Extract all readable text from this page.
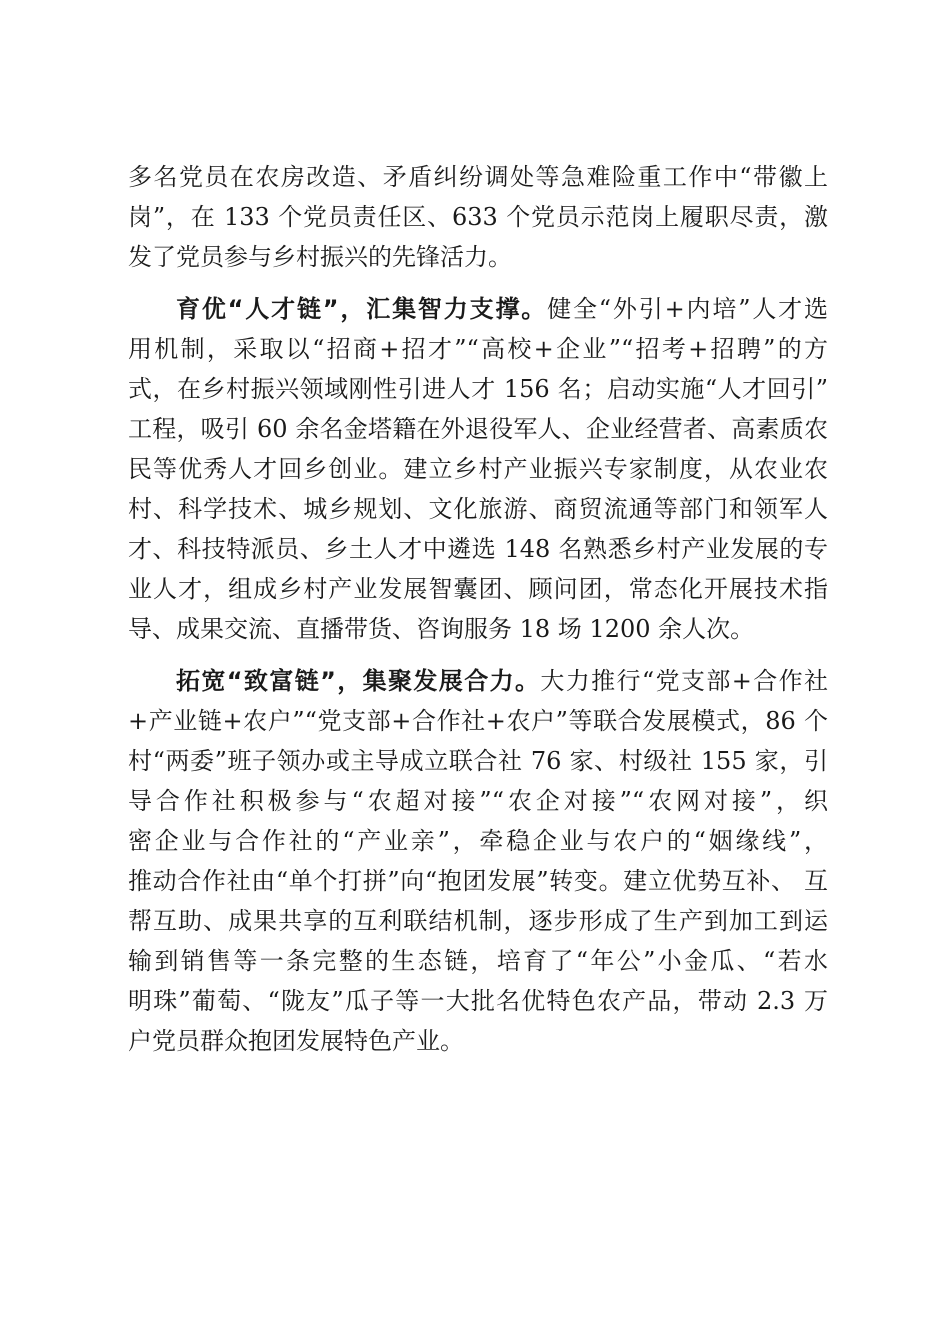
多名党员在农房改造、矛盾纠纷调处等急难险重工作中“带徽上
岗”，在 133 个党员责任区、633 个党员示范岗上履职尽责，激
发了党员参与乡村振兴的先锋活力。
育优“人才链”，汇集智力支撑。健全“外引+内培”人才选
用机制，采取以“招商+招才”“高校+企业”“招考+招聘”的方
式，在乡村振兴领域刚性引进人才 156 名；启动实施“人才回引”
工程，吸引 60 余名金塔籍在外退役军人、企业经营者、高素质农
民等优秀人才回乡创业。建立乡村产业振兴专家制度，从农业农
村、科学技术、城乡规划、文化旅游、商贸流通等部门和领军人
才、科技特派员、乡土人才中遴选 148 名熟悉乡村产业发展的专
业人才，组成乡村产业发展智囊团、顾问团，常态化开展技术指
导、成果交流、直播带货、咨询服务 18 场 1200 余人次。
拓宽“致富链”，集聚发展合力。大力推行“党支部+合作社
+产业链+农户”“党支部+合作社+农户”等联合发展模式，86 个
村“两委”班子领办或主导成立联合社 76 家、村级社 155 家，引
导合作社积极参与“农超对接”“农企对接”“农网对接”，织
密企业与合作社的“产业亲”，牵稳企业与农户的“姻缘线”，
推动合作社由“单个打拼”向“抱团发展”转变。建立优势互补、 互
帮互助、成果共享的互利联结机制，逐步形成了生产到加工到运
输到销售等一条完整的生态链，培育了“年公”小金瓜、“若水
明珠”葡萄、“陇友”瓜子等一大批名优特色农产品，带动 2.3 万
户党员群众抱团发展特色产业。
